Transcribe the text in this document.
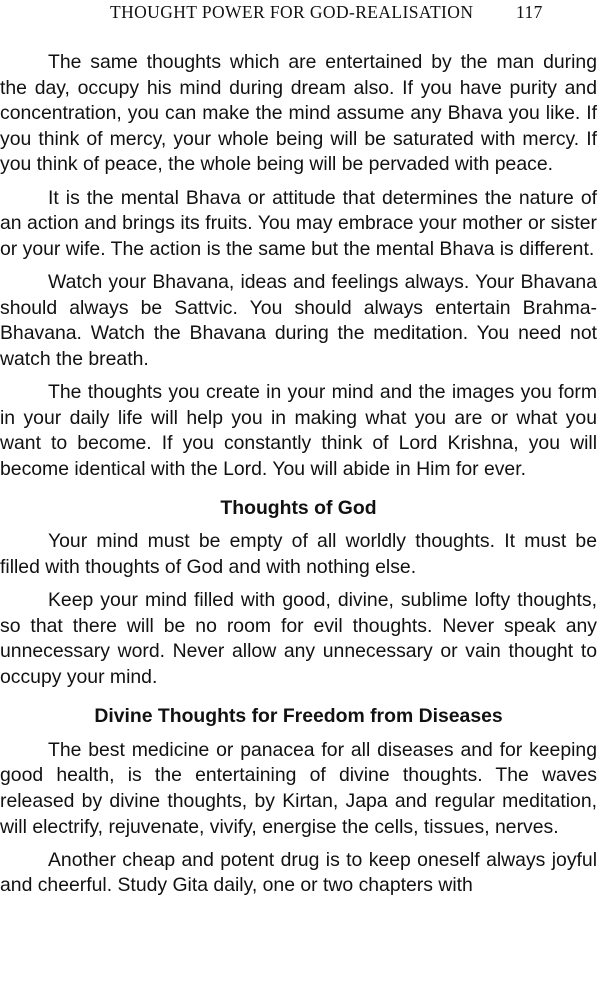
THOUGHT POWER FOR GOD-REALISATION 117

The same thoughts which are entertained by the man during the day, occupy his mind during dream also. If you have purity and concentration, you can make the mind assume any Bhava you like. If you think of mercy, your whole being will be saturated with mercy. If you think of peace, the whole being will be pervaded with peace.

It is the mental Bhava or attitude that determines the nature of an action and brings its fruits. You may embrace your mother or sister or your wife. The action is the same but the mental Bhava is different.

Watch your Bhavana, ideas and feelings always. Your Bhavana should always be Sattvic. You should always entertain Brahma-Bhavana. Watch the Bhavana during the meditation. You need not watch the breath.

The thoughts you create in your mind and the images you form in your daily life will help you in making what you are or what you want to become. If you constantly think of Lord Krishna, you will become identical with the Lord. You will abide in Him for ever.

Thoughts of God

Your mind must be empty of all worldly thoughts. It must be filled with thoughts of God and with nothing else.

Keep your mind filled with good, divine, sublime lofty thoughts, so that there will be no room for evil thoughts. Never speak any unnecessary word. Never allow any unnecessary or vain thought to occupy your mind.

Divine Thoughts for Freedom from Diseases

The best medicine or panacea for all diseases and for keeping good health, is the entertaining of divine thoughts. The waves released by divine thoughts, by Kirtan, Japa and regular meditation, will electrify, rejuvenate, vivify, energise the cells, tissues, nerves.

Another cheap and potent drug is to keep oneself always joyful and cheerful. Study Gita daily, one or two chapters with
